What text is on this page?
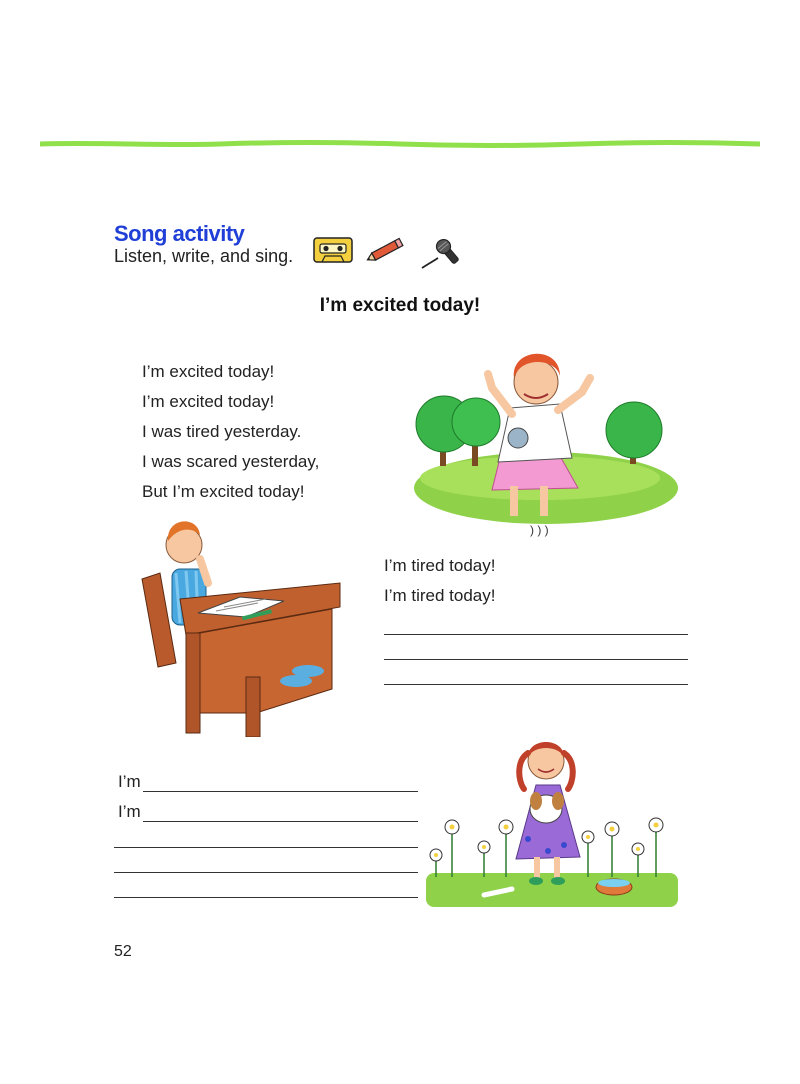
Song activity
Listen, write, and sing.
I’m excited today!
I’m excited today!
I’m excited today!
I was tired yesterday.
I was scared yesterday,
But I’m excited today!
) ) )
I’m tired today!
I’m tired today!
I’m
I’m
52
